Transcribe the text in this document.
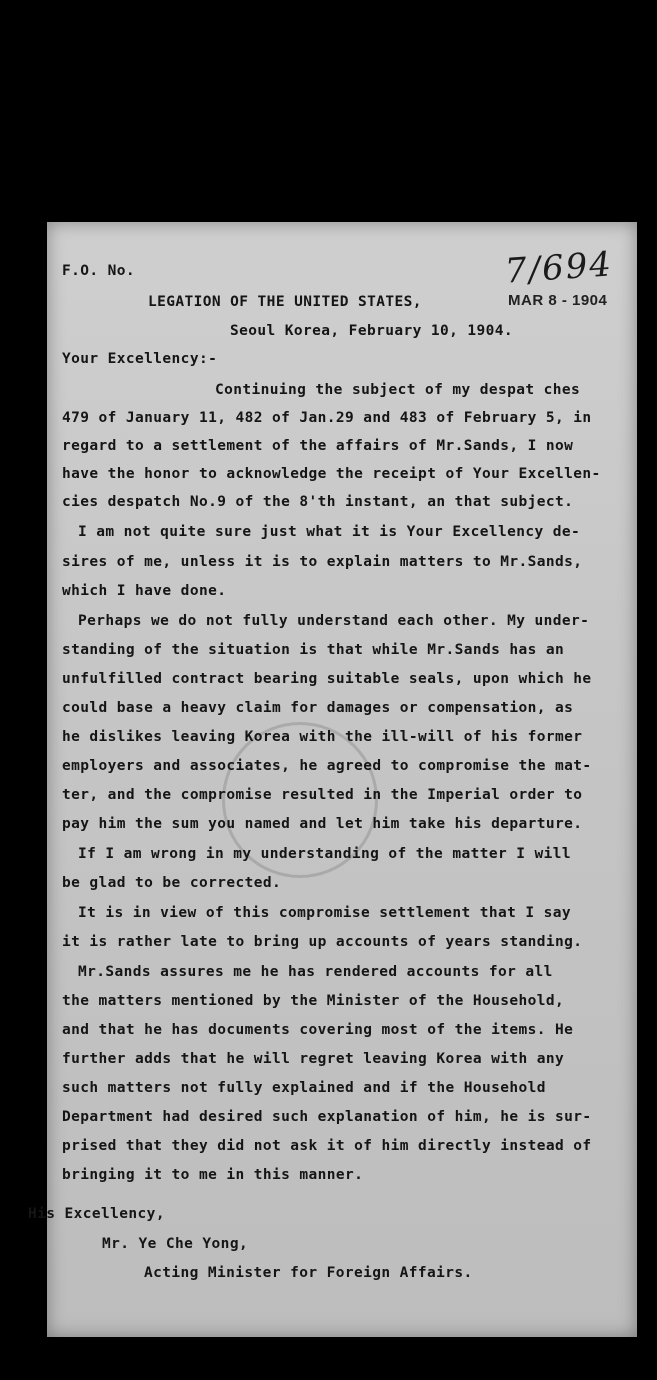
7/694
MAR 8 - 1904
F.O. No.
LEGATION OF THE UNITED STATES,
Seoul Korea, February 10, 1904.
Your Excellency:-
Continuing the subject of my despat ches
479 of January 11, 482 of Jan.29 and 483 of February 5, in
regard to a settlement of the affairs of Mr.Sands, I now
have the honor to acknowledge the receipt of Your Excellen-
cies despatch No.9 of the 8'th instant, an that subject.
I am not quite sure just what it is Your Excellency de-
sires of me, unless it is to explain matters to Mr.Sands,
which I have done.
Perhaps we do not fully understand each other. My under-
standing of the situation is that while Mr.Sands has an
unfulfilled contract bearing suitable seals, upon which he
could base a heavy claim for damages or compensation, as
he dislikes leaving Korea with the ill-will of his former
employers and associates, he agreed to compromise the mat-
ter, and the compromise resulted in the Imperial order to
pay him the sum you named and let him take his departure.
If I am wrong in my understanding of the matter I will
be glad to be corrected.
It is in view of this compromise settlement that I say
it is rather late to bring up accounts of years standing.
Mr.Sands assures me he has rendered accounts for all
the matters mentioned by the Minister of the Household,
and that he has documents covering most of the items. He
further adds that he will regret leaving Korea with any
such matters not fully explained and if the Household
Department had desired such explanation of him, he is sur-
prised that they did not ask it of him directly instead of
bringing it to me in this manner.
His Excellency,
Mr. Ye Che Yong,
Acting Minister for Foreign Affairs.
